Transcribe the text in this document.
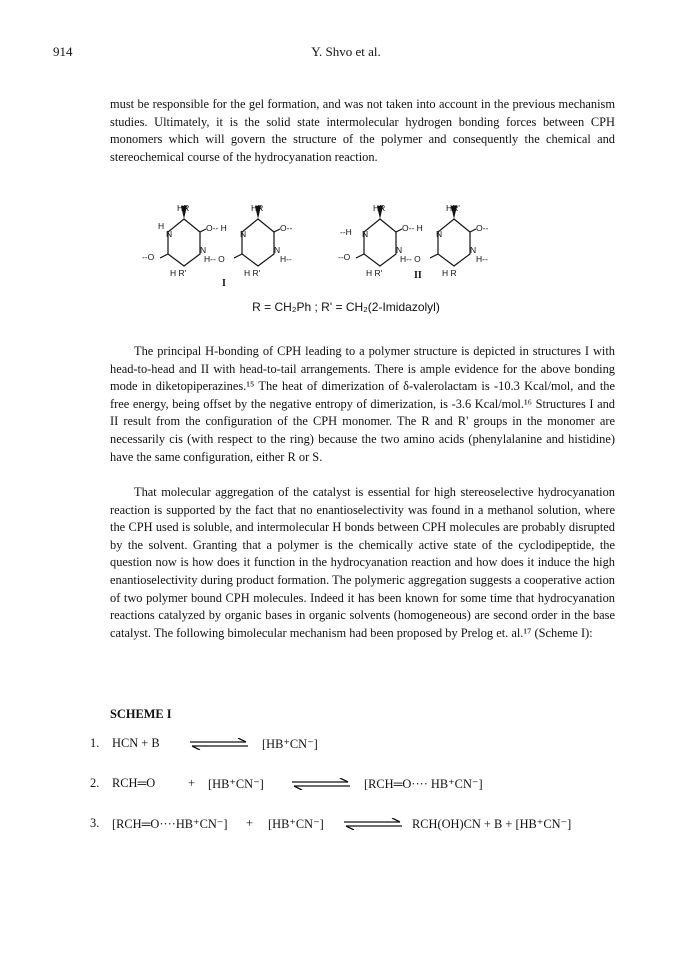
914	Y. Shvo et al.

must be responsible for the gel formation, and was not taken into account in the previous mechanism studies. Ultimately, it is the solid state intermolecular hydrogen bonding forces between CPH monomers which will govern the structure of the polymer and consequently the chemical and stereochemical course of the hydrocyanation reaction.

HR	HR
H
N
O-- H
N
O--
--O
N
H-- O
N
H--
H R'	H R'
I
HR	HR'
--H N
O-- H
N
O--
--O
N
H-- O
N
H--
H R'	H R
II
R = CH₂Ph ; R' = CH₂(2-Imidazolyl)

The principal H-bonding of CPH leading to a polymer structure is depicted in structures I with head-to-head and II with head-to-tail arrangements. There is ample evidence for the above bonding mode in diketopiperazines.¹⁵ The heat of dimerization of δ-valerolactam is -10.3 Kcal/mol, and the free energy, being offset by the negative entropy of dimerization, is -3.6 Kcal/mol.¹⁶ Structures I and II result from the configuration of the CPH monomer. The R and R' groups in the monomer are necessarily cis (with respect to the ring) because the two amino acids (phenylalanine and histidine) have the same configuration, either R or S.

That molecular aggregation of the catalyst is essential for high stereoselective hydrocyanation reaction is supported by the fact that no enantioselectivity was found in a methanol solution, where the CPH used is soluble, and intermolecular H bonds between CPH molecules are probably disrupted by the solvent. Granting that a polymer is the chemically active state of the cyclodipeptide, the question now is how does it function in the hydrocyanation reaction and how does it induce the high enantioselectivity during product formation. The polymeric aggregation suggests a cooperative action of two polymer bound CPH molecules. Indeed it has been known for some time that hydrocyanation reactions catalyzed by organic bases in organic solvents (homogeneous) are second order in the base catalyst. The following bimolecular mechanism had been proposed by Prelog et. al.¹⁷ (Scheme I):

SCHEME I
1. HCN + B	[HB⁺CN⁻]
2. RCH═O	+ [HB⁺CN⁻]	[RCH═O···· HB⁺CN⁻]
3. [RCH═O····HB⁺CN⁻] + [HB⁺CN⁻]	RCH(OH)CN + B + [HB⁺CN⁻]
